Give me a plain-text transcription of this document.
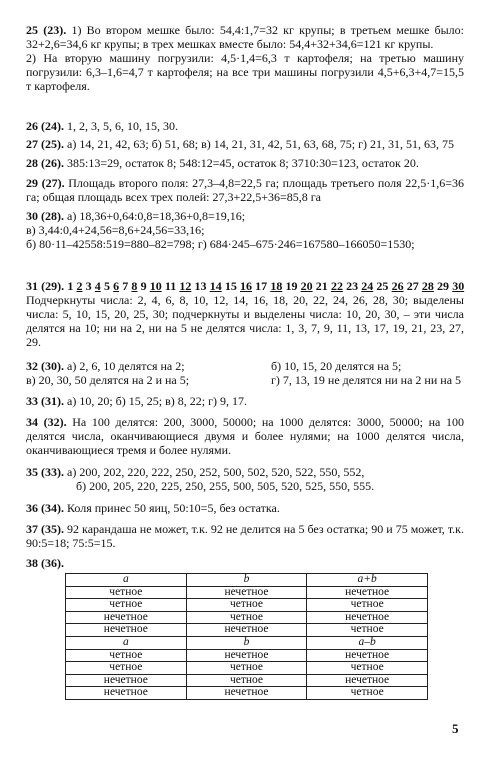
25 (23). 1) Во втором мешке было: 54,4:1,7=32 кг крупы; в третьем мешке было: 32+2,6=34,6 кг крупы; в трех мешках вместе было: 54,4+32+34,6=121 кг крупы.
2) На вторую машину погрузили: 4,5·1,4=6,3 т картофеля; на третью машину погрузили: 6,3–1,6=4,7 т картофеля; на все три машины погрузили 4,5+6,3+4,7=15,5 т картофеля.
26 (24). 1, 2, 3, 5, 6, 10, 15, 30.
27 (25). а) 14, 21, 42, 63; б) 51, 68; в) 14, 21, 31, 42, 51, 63, 68, 75; г) 21, 31, 51, 63, 75
28 (26). 385:13=29, остаток 8; 548:12=45, остаток 8; 3710:30=123, остаток 20.
29 (27). Площадь второго поля: 27,3–4,8=22,5 га; площадь третьего поля 22,5·1,6=36 га; общая площадь всех трех полей: 27,3+22,5+36=85,8 га
30 (28). а) 18,36+0,64:0,8=18,36+0,8=19,16;
в) 3,44:0,4+24,56=8,6+24,56=33,16;
б) 80·11–42558:519=880–82=798; г) 684·245–675·246=167580–166050=1530;
31 (29). 1 2 3 4 5 6 7 8 9 10 11 12 13 14 15 16 17 18 19 20 21 22 23 24 25 26 27 28 29 30 Подчеркнуты числа: 2, 4, 6, 8, 10, 12, 14, 16, 18, 20, 22, 24, 26, 28, 30; выделены числа: 5, 10, 15, 20, 25, 30; подчеркнуты и выделены числа: 10, 20, 30, – эти числа делятся на 10; ни на 2, ни на 5 не делятся числа: 1, 3, 7, 9, 11, 13, 17, 19, 21, 23, 27, 29.
32 (30). а) 2, 6, 10 делятся на 2;	б) 10, 15, 20 делятся на 5;
в) 20, 30, 50 делятся на 2 и на 5;	г) 7, 13, 19 не делятся ни на 2 ни на 5
33 (31). а) 10, 20; б) 15, 25; в) 8, 22; г) 9, 17.
34 (32). На 100 делятся: 200, 3000, 50000; на 1000 делятся: 3000, 50000; на 100 делятся числа, оканчивающиеся двумя и более нулями; на 1000 делятся числа, оканчивающиеся тремя и более нулями.
35 (33). а) 200, 202, 220, 222, 250, 252, 500, 502, 520, 522, 550, 552,
б) 200, 205, 220, 225, 250, 255, 500, 505, 520, 525, 550, 555.
36 (34). Коля принес 50 яиц, 50:10=5, без остатка.
37 (35). 92 карандаша не может, т.к. 92 не делится на 5 без остатка; 90 и 75 может, т.к. 90:5=18; 75:5=15.
38 (36).
a	b	a+b
четное	нечетное	нечетное
четное	четное	четное
нечетное	четное	нечетное
нечетное	нечетное	четное
a	b	a–b
четное	нечетное	нечетное
четное	четное	четное
нечетное	четное	нечетное
нечетное	нечетное	четное
5
